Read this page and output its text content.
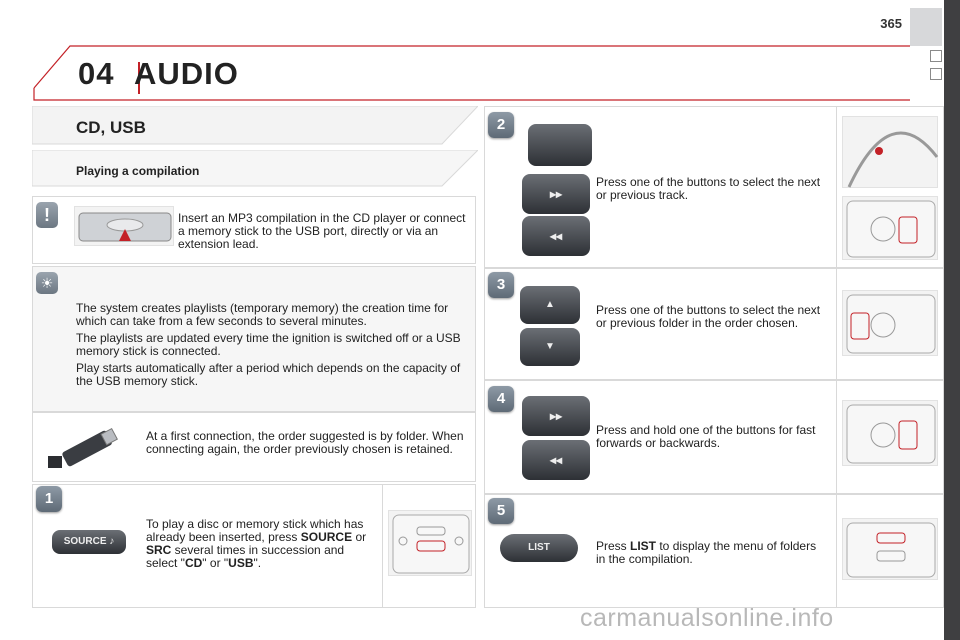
365
04 AUDIO
CD, USB
Playing a compilation
!	Insert an MP3 compilation in the CD player or connect a memory stick to the USB port, directly or via an extension lead.
☀
The system creates playlists (temporary memory) the creation time for which can take from a few seconds to several minutes.
The playlists are updated every time the ignition is switched off or a USB memory stick is connected.
Play starts automatically after a period which depends on the capacity of the USB memory stick.
At a first connection, the order suggested is by folder. When connecting again, the order previously chosen is retained.
1
SOURCE ♪
To play a disc or memory stick which has already been inserted, press SOURCE or SRC several times in succession and select "CD" or "USB".
2
▸▸
◂◂
Press one of the buttons to select the next or previous track.
3
▲
▼
Press one of the buttons to select the next or previous folder in the order chosen.
4
▸▸
◂◂
Press and hold one of the buttons for fast forwards or backwards.
5
LIST	Press LIST to display the menu of folders in the compilation.
carmanualsonline.info
